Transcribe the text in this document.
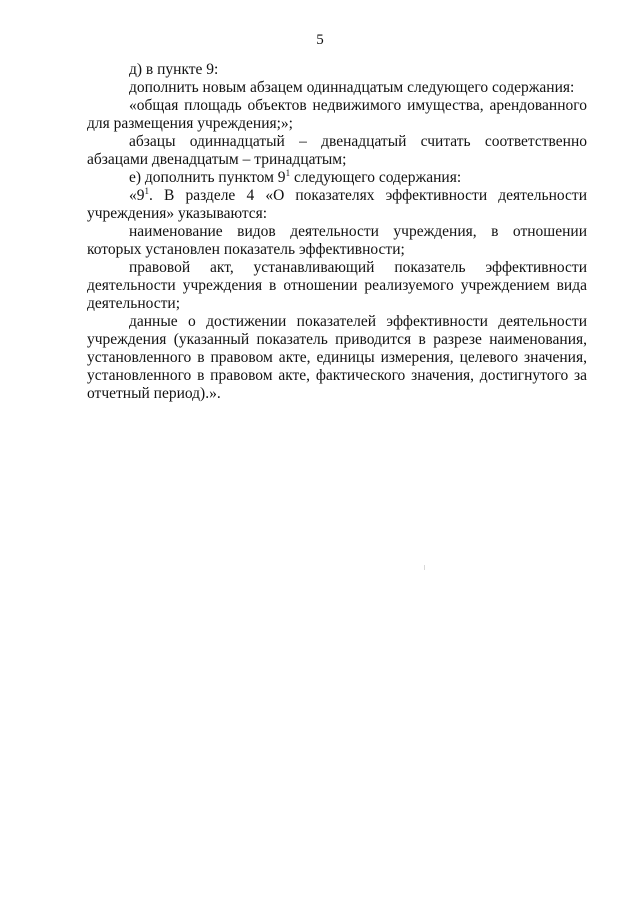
5

д) в пункте 9:

дополнить новым абзацем одиннадцатым следующего содержания:

«общая площадь объектов недвижимого имущества, арендованного для размещения учреждения;»;

абзацы одиннадцатый – двенадцатый считать соответственно абзацами двенадцатым – тринадцатым;

е) дополнить пунктом $9^1$ следующего содержания:

«$9^1$. В разделе 4 «О показателях эффективности деятельности учреждения» указываются:

наименование видов деятельности учреждения, в отношении которых установлен показатель эффективности;

правовой акт, устанавливающий показатель эффективности деятельности учреждения в отношении реализуемого учреждением вида деятельности;

данные о достижении показателей эффективности деятельности учреждения (указанный показатель приводится в разрезе наименования, установленного в правовом акте, единицы измерения, целевого значения, установленного в правовом акте, фактического значения, достигнутого за отчетный период).».
